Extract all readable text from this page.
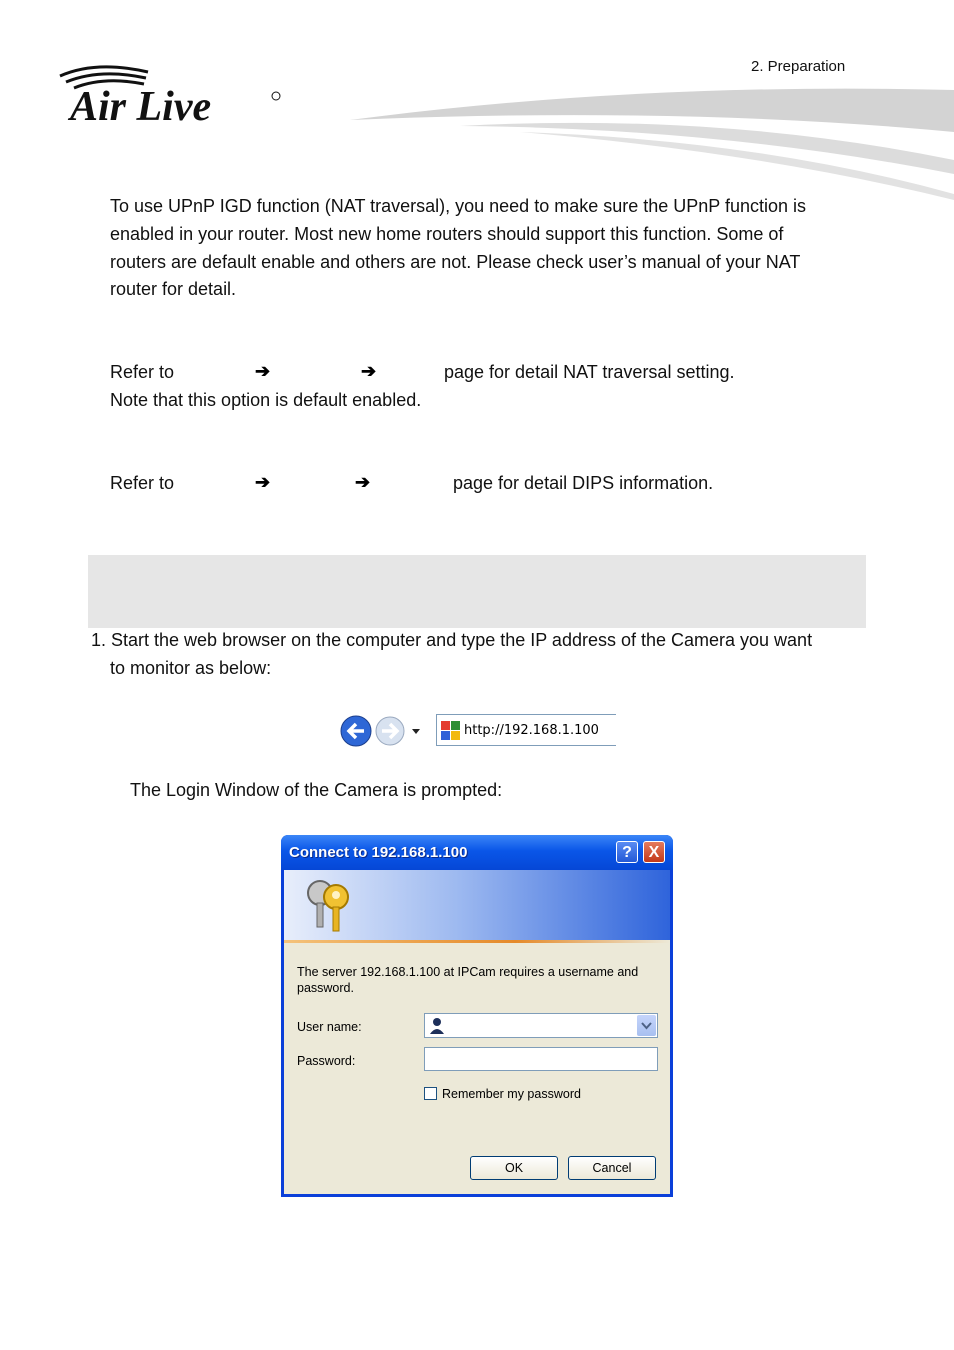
2. Preparation
Air Live
To use UPnP IGD function (NAT traversal), you need to make sure the UPnP function is
enabled in your router. Most new home routers should support this function. Some of
routers are default enable and others are not. Please check user’s manual of your NAT
router for detail.
Refer to	➔	➔	page for detail NAT traversal setting.
Note that this option is default enabled.
Refer to	➔	➔	page for detail DIPS information.
1. Start the web browser on the computer and type the IP address of the Camera you want
to monitor as below:
http://192.168.1.100
The Login Window of the Camera is prompted:
Connect to 192.168.1.100	?	X
The server 192.168.1.100 at IPCam requires a username and
password.
User name:
Password:
Remember my password
OK	Cancel
